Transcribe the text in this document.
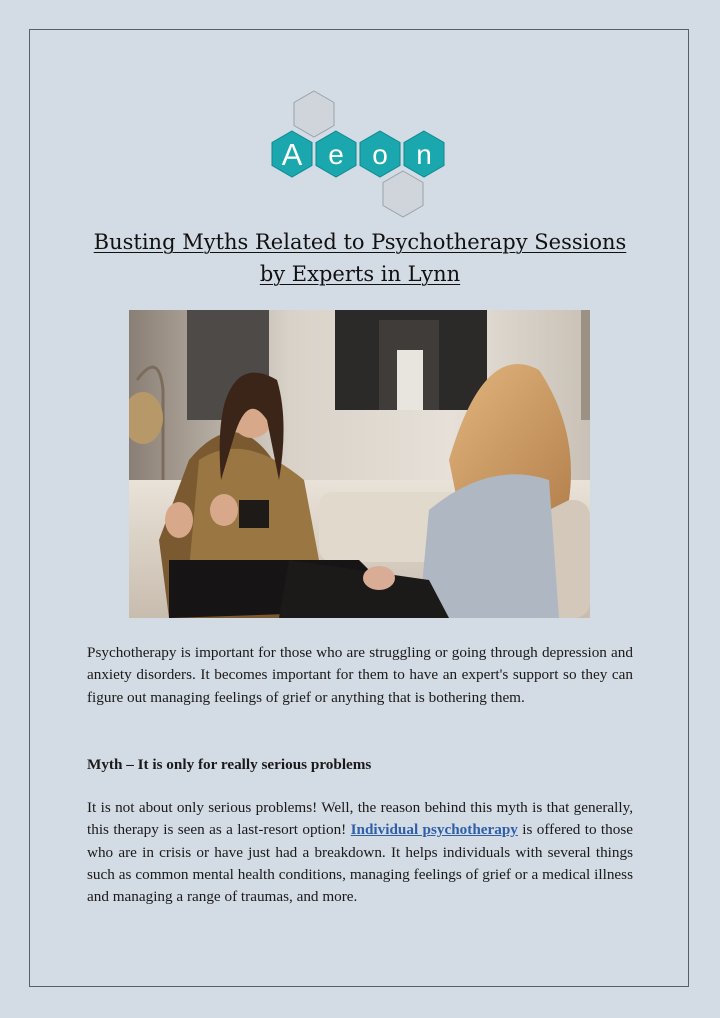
A e o n
Busting Myths Related to Psychotherapy Sessions
by Experts in Lynn

Psychotherapy is important for those who are struggling or going through depression and anxiety disorders. It becomes important for them to have an expert's support so they can figure out managing feelings of grief or anything that is bothering them.

Myth – It is only for really serious problems

It is not about only serious problems! Well, the reason behind this myth is that generally, this therapy is seen as a last-resort option! Individual psychotherapy is offered to those who are in crisis or have just had a breakdown. It helps individuals with several things such as common mental health conditions, managing feelings of grief or a medical illness and managing a range of traumas, and more.
